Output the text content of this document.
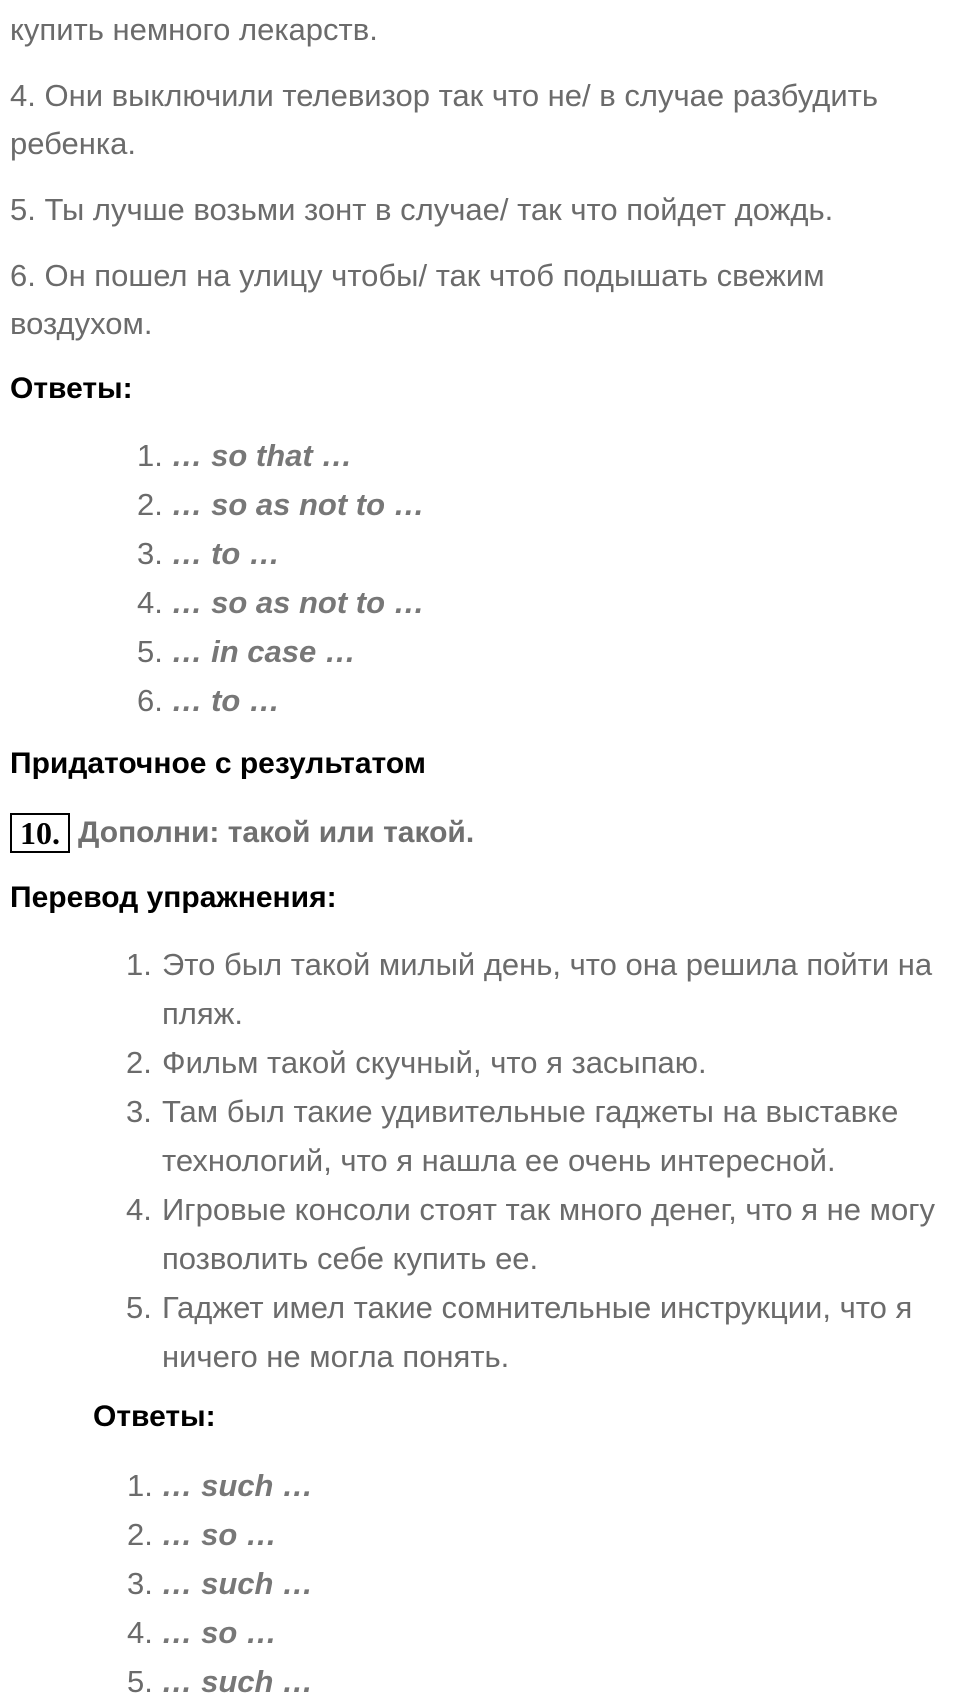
купить немного лекарств.
4. Они выключили телевизор так что не/ в случае разбудить ребенка.
5. Ты лучше возьми зонт в случае/ так что пойдет дождь.
6. Он пошел на улицу чтобы/ так чтоб подышать свежим воздухом.
Ответы:
1. … so that …
2. … so as not to …
3. … to …
4. … so as not to …
5. … in case …
6. … to …
Придаточное с результатом
10. Дополни: такой или такой.
Перевод упражнения:
1. Это был такой милый день, что она решила пойти на пляж.
2. Фильм такой скучный, что я засыпаю.
3. Там был такие удивительные гаджеты на выставке технологий, что я нашла ее очень интересной.
4. Игровые консоли стоят так много денег, что я не могу позволить себе купить ее.
5. Гаджет имел такие сомнительные инструкции, что я ничего не могла понять.
Ответы:
1. … such …
2. … so …
3. … such …
4. … so …
5. … such …
